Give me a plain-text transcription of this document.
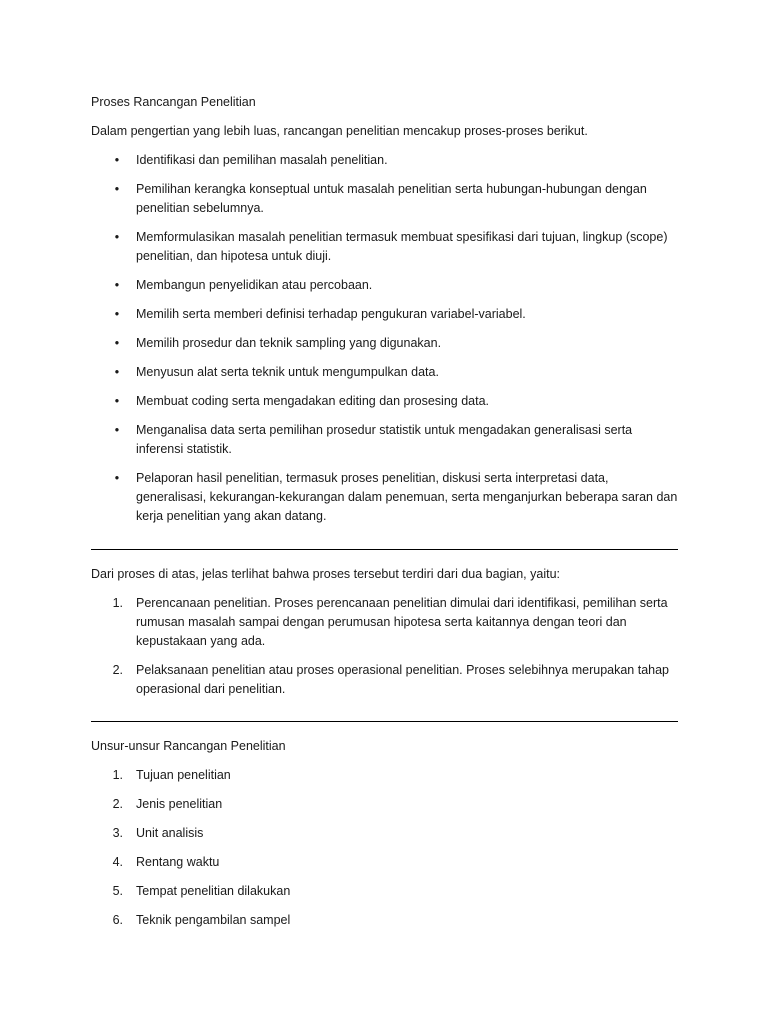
Proses Rancangan Penelitian

Dalam pengertian yang lebih luas, rancangan penelitian mencakup proses-proses berikut.

•	Identifikasi dan pemilihan masalah penelitian.
•	Pemilihan kerangka konseptual untuk masalah penelitian serta hubungan-hubungan dengan penelitian sebelumnya.
•	Memformulasikan masalah penelitian termasuk membuat spesifikasi dari tujuan, lingkup (scope) penelitian, dan hipotesa untuk diuji.
•	Membangun penyelidikan atau percobaan.
•	Memilih serta memberi definisi terhadap pengukuran variabel-variabel.
•	Memilih prosedur dan teknik sampling yang digunakan.
•	Menyusun alat serta teknik untuk mengumpulkan data.
•	Membuat coding serta mengadakan editing dan prosesing data.
•	Menganalisa data serta pemilihan prosedur statistik untuk mengadakan generalisasi serta inferensi statistik.
•	Pelaporan hasil penelitian, termasuk proses penelitian, diskusi serta interpretasi data, generalisasi, kekurangan-kekurangan dalam penemuan, serta menganjurkan beberapa saran dan kerja penelitian yang akan datang.

Dari proses di atas, jelas terlihat bahwa proses tersebut terdiri dari dua bagian, yaitu:

1. Perencanaan penelitian. Proses perencanaan penelitian dimulai dari identifikasi, pemilihan serta rumusan masalah sampai dengan perumusan hipotesa serta kaitannya dengan teori dan kepustakaan yang ada.
2. Pelaksanaan penelitian atau proses operasional penelitian. Proses selebihnya merupakan tahap operasional dari penelitian.

Unsur-unsur Rancangan Penelitian

1. Tujuan penelitian
2. Jenis penelitian
3. Unit analisis
4. Rentang waktu
5. Tempat penelitian dilakukan
6. Teknik pengambilan sampel
